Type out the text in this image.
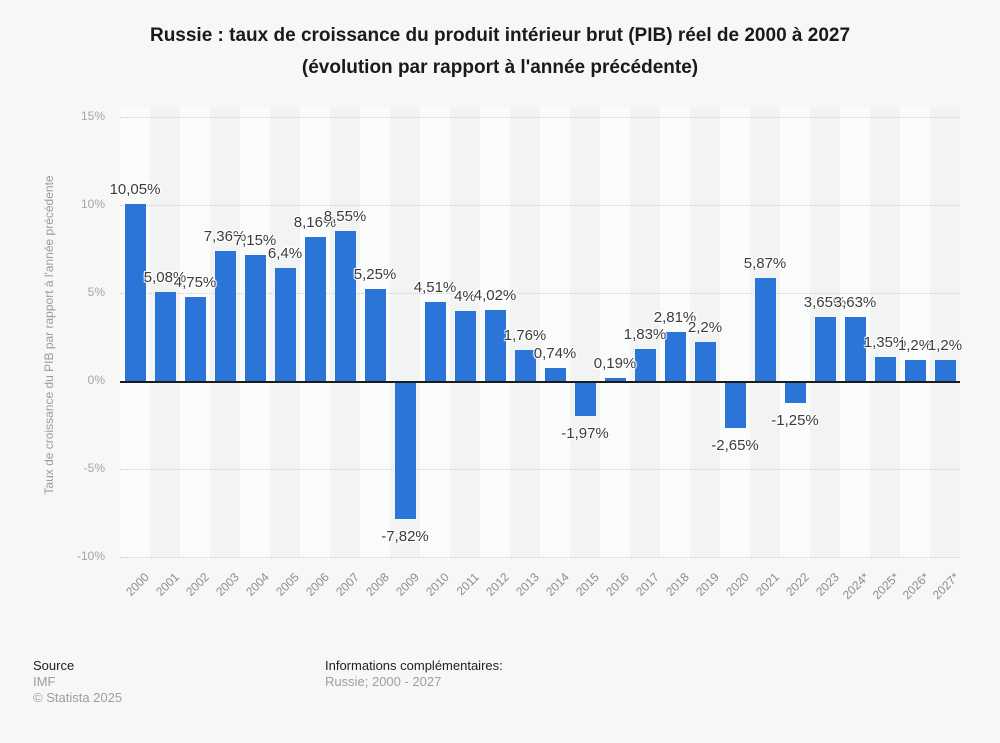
Russie : taux de croissance du produit intérieur brut (PIB) réel de 2000 à 2027
(évolution par rapport à l'année précédente)
15%
10%
5%
0%
-5%
-10%
10,05%
2000
5,08%
2001
4,75%
2002
7,36%
2003
7,15%
2004
6,4%
2005
8,16%
2006
8,55%
2007
5,25%
2008
-7,82%
2009
4,51%
2010
4%
2011
4,02%
2012
1,76%
2013
0,74%
2014
-1,97%
2015
0,19%
2016
1,83%
2017
2,81%
2018
2,2%
2019
-2,65%
2020
5,87%
2021
-1,25%
2022
3,65%
2023
3,63%
2024*
1,35%
2025*
1,2%
2026*
1,2%
2027*
Taux de croissance du PIB par rapport à l'année précédente
Source
IMF
© Statista 2025
Informations complémentaires:
Russie; 2000 - 2027
